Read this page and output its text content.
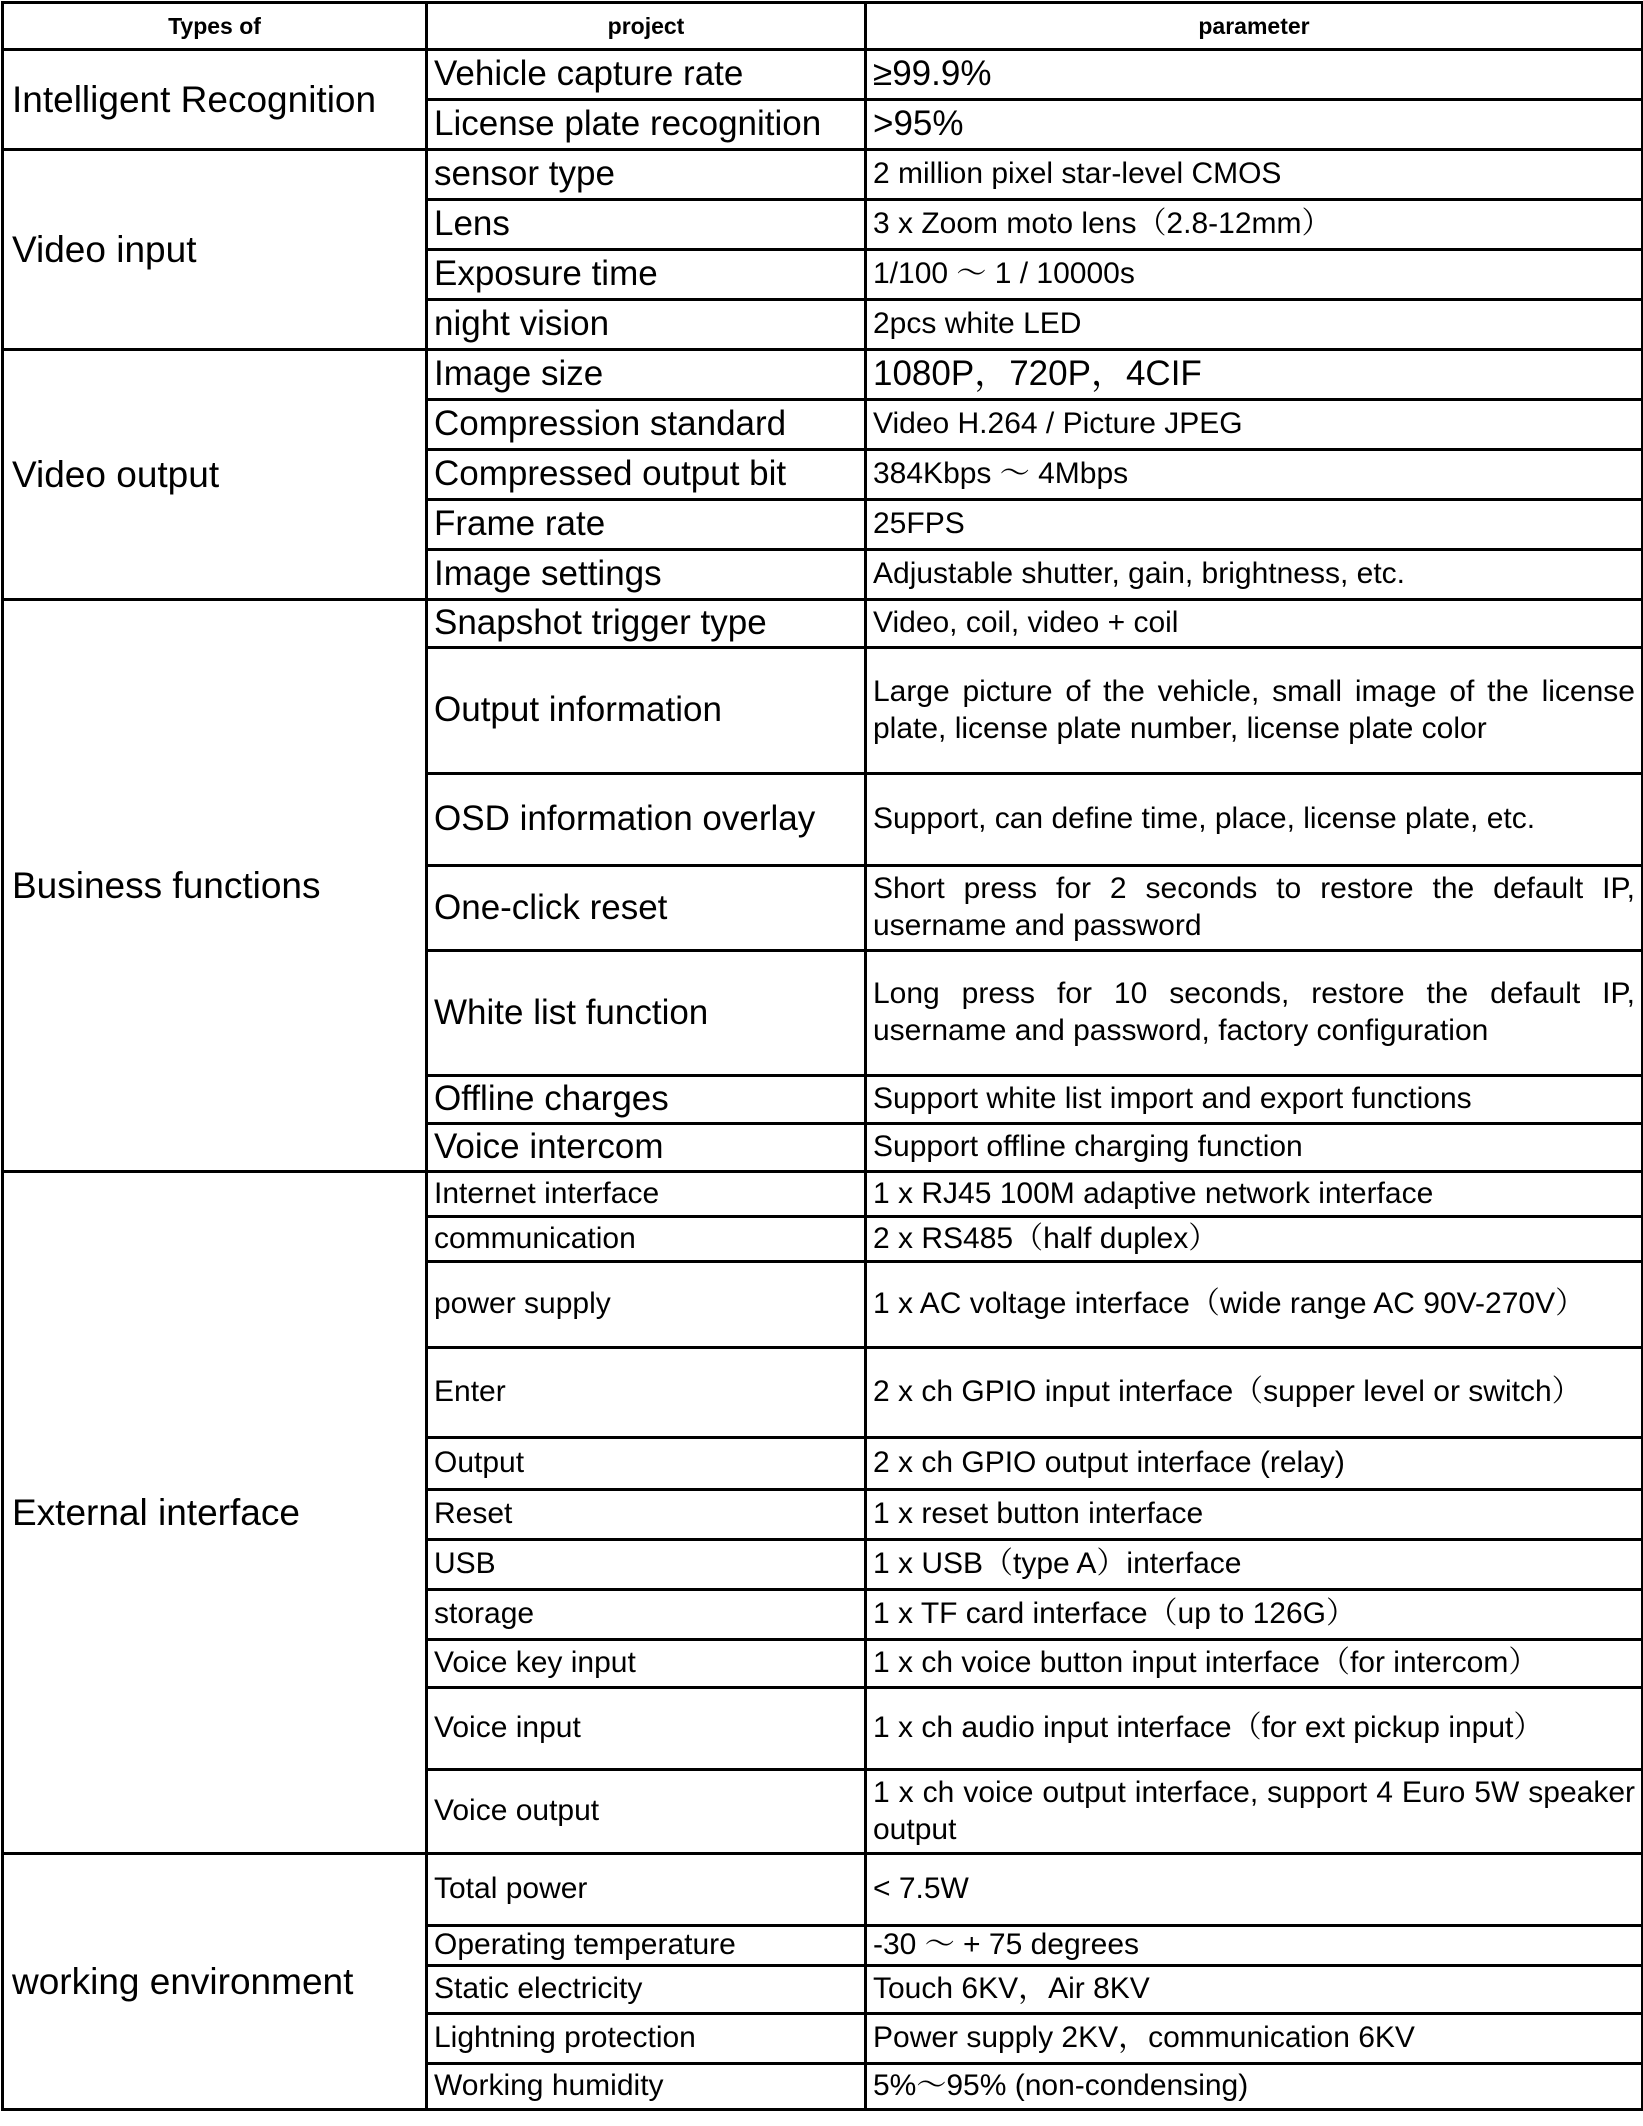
Types of	project	parameter
Intelligent Recognition	Vehicle capture rate	≥99.9%
	License plate recognition	>95%
Video input	sensor type	2 million pixel star-level CMOS
	Lens	3 x Zoom moto lens（2.8-12mm）
	Exposure time	1/100 ～ 1 / 10000s
	night vision	2pcs white LED
Video output	Image size	1080P，720P，4CIF
	Compression standard	Video H.264 / Picture JPEG
	Compressed output bit	384Kbps ～ 4Mbps
	Frame rate	25FPS
	Image settings	Adjustable shutter, gain, brightness, etc.
Business functions	Snapshot trigger type	Video, coil, video + coil
	Output information	Large picture of the vehicle, small image of the license plate, license plate number, license plate color
	OSD information overlay	Support, can define time, place, license plate, etc.
	One-click reset	Short press for 2 seconds to restore the default IP, username and password
	White list function	Long press for 10 seconds, restore the default IP, username and password, factory configuration
	Offline charges	Support white list import and export functions
	Voice intercom	Support offline charging function
External interface	Internet interface	1 x RJ45 100M adaptive network interface
	communication	2 x RS485（half duplex）
	power supply	1 x AC voltage interface（wide range AC 90V-270V）
	Enter	2 x ch GPIO input interface（supper level or switch）
	Output	2 x ch GPIO output interface (relay)
	Reset	1 x reset button interface
	USB	1 x USB（type A）interface
	storage	1 x TF card interface（up to 126G）
	Voice key input	1 x ch voice button input interface（for intercom）
	Voice input	1 x ch audio input interface（for ext pickup input）
	Voice output	1 x ch voice output interface, support 4 Euro 5W speaker output
working environment	Total power	< 7.5W
	Operating temperature	-30 ～ + 75 degrees
	Static electricity	Touch 6KV，Air 8KV
	Lightning protection	Power supply 2KV，communication 6KV
	Working humidity	5%～95% (non-condensing)
